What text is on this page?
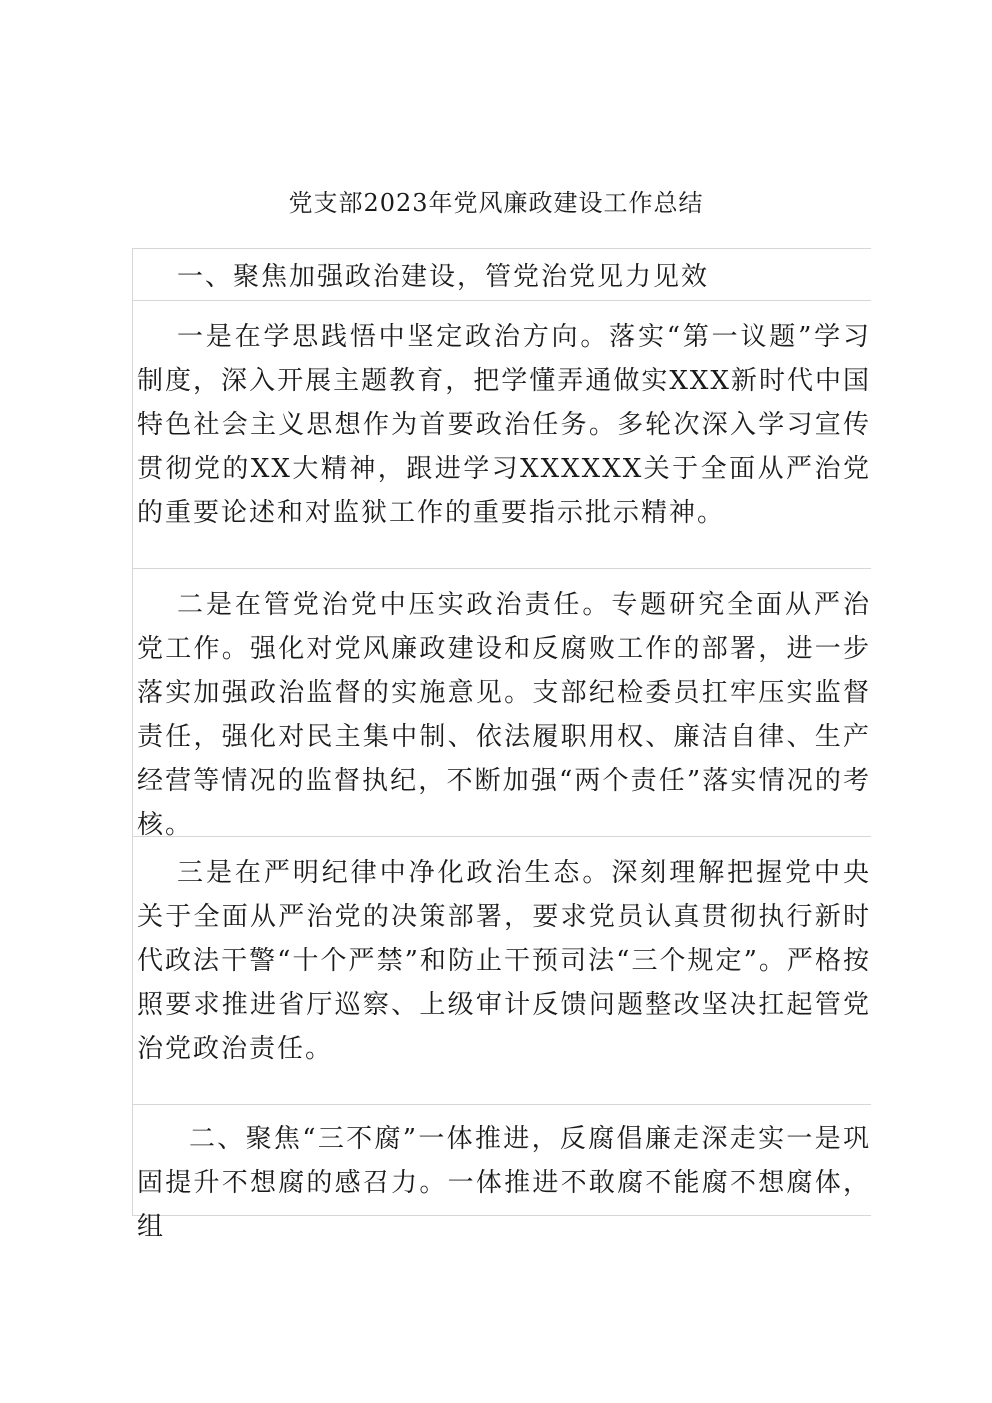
党支部2023年党风廉政建设工作总结

一、聚焦加强政治建设，管党治党见力见效

一是在学思践悟中坚定政治方向。落实“第一议题”学习制度，深入开展主题教育，把学懂弄通做实XXX新时代中国特色社会主义思想作为首要政治任务。多轮次深入学习宣传贯彻党的XX大精神，跟进学习XXXXXX关于全面从严治党的重要论述和对监狱工作的重要指示批示精神。

二是在管党治党中压实政治责任。专题研究全面从严治党工作。强化对党风廉政建设和反腐败工作的部署，进一步落实加强政治监督的实施意见。支部纪检委员扛牢压实监督责任，强化对民主集中制、依法履职用权、廉洁自律、生产经营等情况的监督执纪，不断加强“两个责任”落实情况的考核。

三是在严明纪律中净化政治生态。深刻理解把握党中央关于全面从严治党的决策部署，要求党员认真贯彻执行新时代政法干警“十个严禁”和防止干预司法“三个规定”。严格按照要求推进省厅巡察、上级审计反馈问题整改坚决扛起管党治党政治责任。

二、聚焦“三不腐”一体推进，反腐倡廉走深走实一是巩固提升不想腐的感召力。一体推进不敢腐不能腐不想腐体，组
